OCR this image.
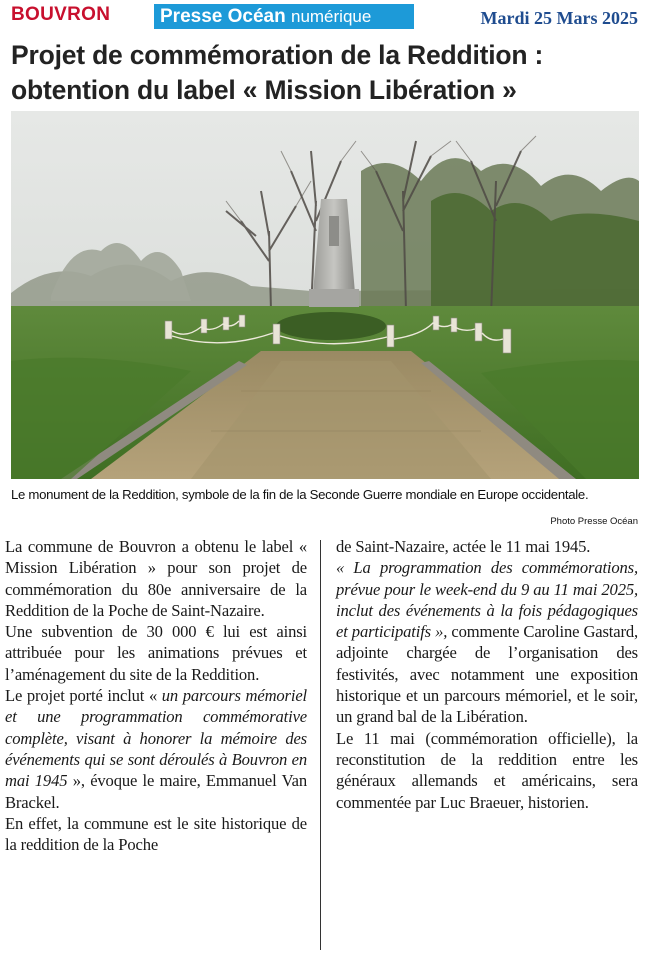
BOUVRON	Presse Océan numérique	Mardi 25 Mars 2025
Projet de commémoration de la Reddition : obtention du label « Mission Libération »
Le monument de la Reddition, symbole de la fin de la Seconde Guerre mondiale en Europe occidentale.
Photo Presse Océan

La commune de Bouvron a obtenu le label « Mission Libération » pour son projet de commémoration du 80e anniversaire de la Reddition de la Poche de Saint-Nazaire.

Une subvention de 30 000 € lui est ainsi attribuée pour les animations prévues et l’aménagement du site de la Reddition.

Le projet porté inclut « un parcours mémoriel et une programmation commémorative complète, visant à honorer la mémoire des événements qui se sont déroulés à Bouvron en mai 1945 », évoque le maire, Emmanuel Van Brackel.

En effet, la commune est le site historique de la reddition de la Poche

de Saint-Nazaire, actée le 11 mai 1945.

« La programmation des commémorations, prévue pour le week-end du 9 au 11 mai 2025, inclut des événements à la fois pédagogiques et participatifs », commente Caroline Gastard, adjointe chargée de l’organisation des festivités, avec notamment une exposition historique et un parcours mémoriel, et le soir, un grand bal de la Libération.

Le 11 mai (commémoration officielle), la reconstitution de la reddition entre les généraux allemands et américains, sera commentée par Luc Braeuer, historien.
